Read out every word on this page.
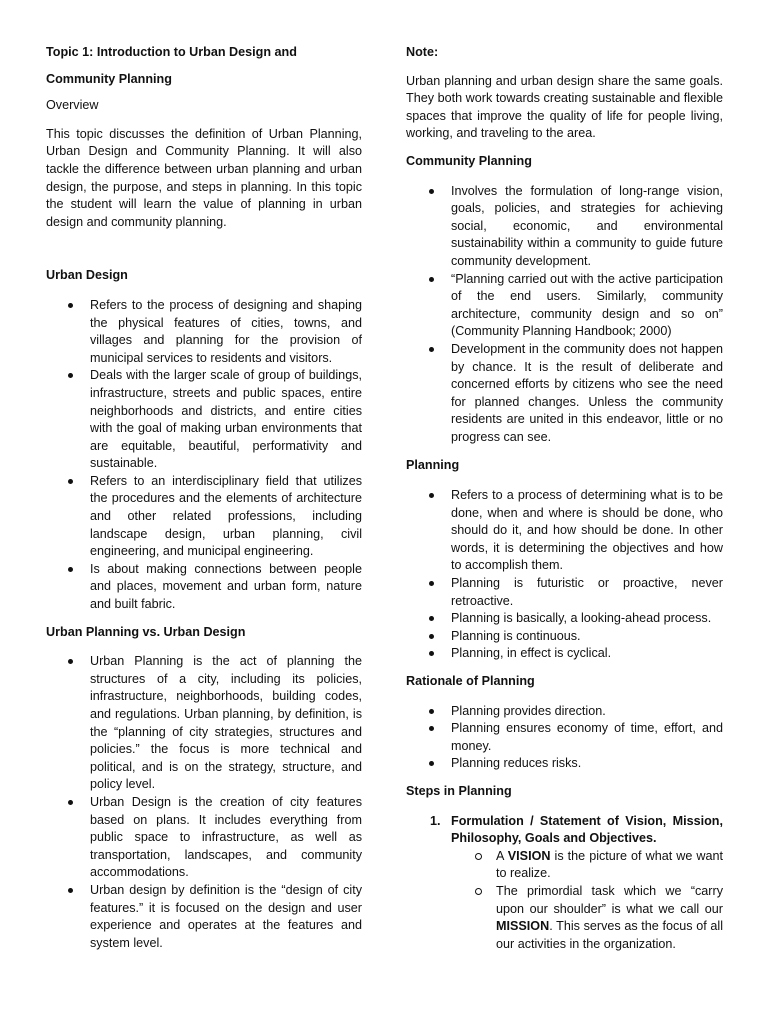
Topic 1: Introduction to Urban Design and
Community Planning
Overview

This topic discusses the definition of Urban Planning, Urban Design and Community Planning. It will also tackle the difference between urban planning and urban design, the purpose, and steps in planning. In this topic the student will learn the value of planning in urban design and community planning.

Urban Design
Refers to the process of designing and shaping the physical features of cities, towns, and villages and planning for the provision of municipal services to residents and visitors.
Deals with the larger scale of group of buildings, infrastructure, streets and public spaces, entire neighborhoods and districts, and entire cities with the goal of making urban environments that are equitable, beautiful, performativity and sustainable.
Refers to an interdisciplinary field that utilizes the procedures and the elements of architecture and other related professions, including landscape design, urban planning, civil engineering, and municipal engineering.
Is about making connections between people and places, movement and urban form, nature and built fabric.
Urban Planning vs. Urban Design
Urban Planning is the act of planning the structures of a city, including its policies, infrastructure, neighborhoods, building codes, and regulations. Urban planning, by definition, is the “planning of city strategies, structures and policies.” the focus is more technical and political, and is on the strategy, structure, and policy level.
Urban Design is the creation of city features based on plans. It includes everything from public space to infrastructure, as well as transportation, landscapes, and community accommodations.
Urban design by definition is the “design of city features.” it is focused on the design and user experience and operates at the features and system level.
Note:

Urban planning and urban design share the same goals. They both work towards creating sustainable and flexible spaces that improve the quality of life for people living, working, and traveling to the area.

Community Planning
Involves the formulation of long-range vision, goals, policies, and strategies for achieving social, economic, and environmental sustainability within a community to guide future community development.
“Planning carried out with the active participation of the end users. Similarly, community architecture, community design and so on” (Community Planning Handbook; 2000)
Development in the community does not happen by chance. It is the result of deliberate and concerned efforts by citizens who see the need for planned changes. Unless the community residents are united in this endeavor, little or no progress can see.
Planning
Refers to a process of determining what is to be done, when and where is should be done, who should do it, and how should be done. In other words, it is determining the objectives and how to accomplish them.
Planning is futuristic or proactive, never retroactive.
Planning is basically, a looking-ahead process.
Planning is continuous.
Planning, in effect is cyclical.
Rationale of Planning
Planning provides direction.
Planning ensures economy of time, effort, and money.
Planning reduces risks.
Steps in Planning
1. Formulation / Statement of Vision, Mission, Philosophy, Goals and Objectives.
A VISION is the picture of what we want to realize.
The primordial task which we “carry upon our shoulder” is what we call our MISSION. This serves as the focus of all our activities in the organization.
